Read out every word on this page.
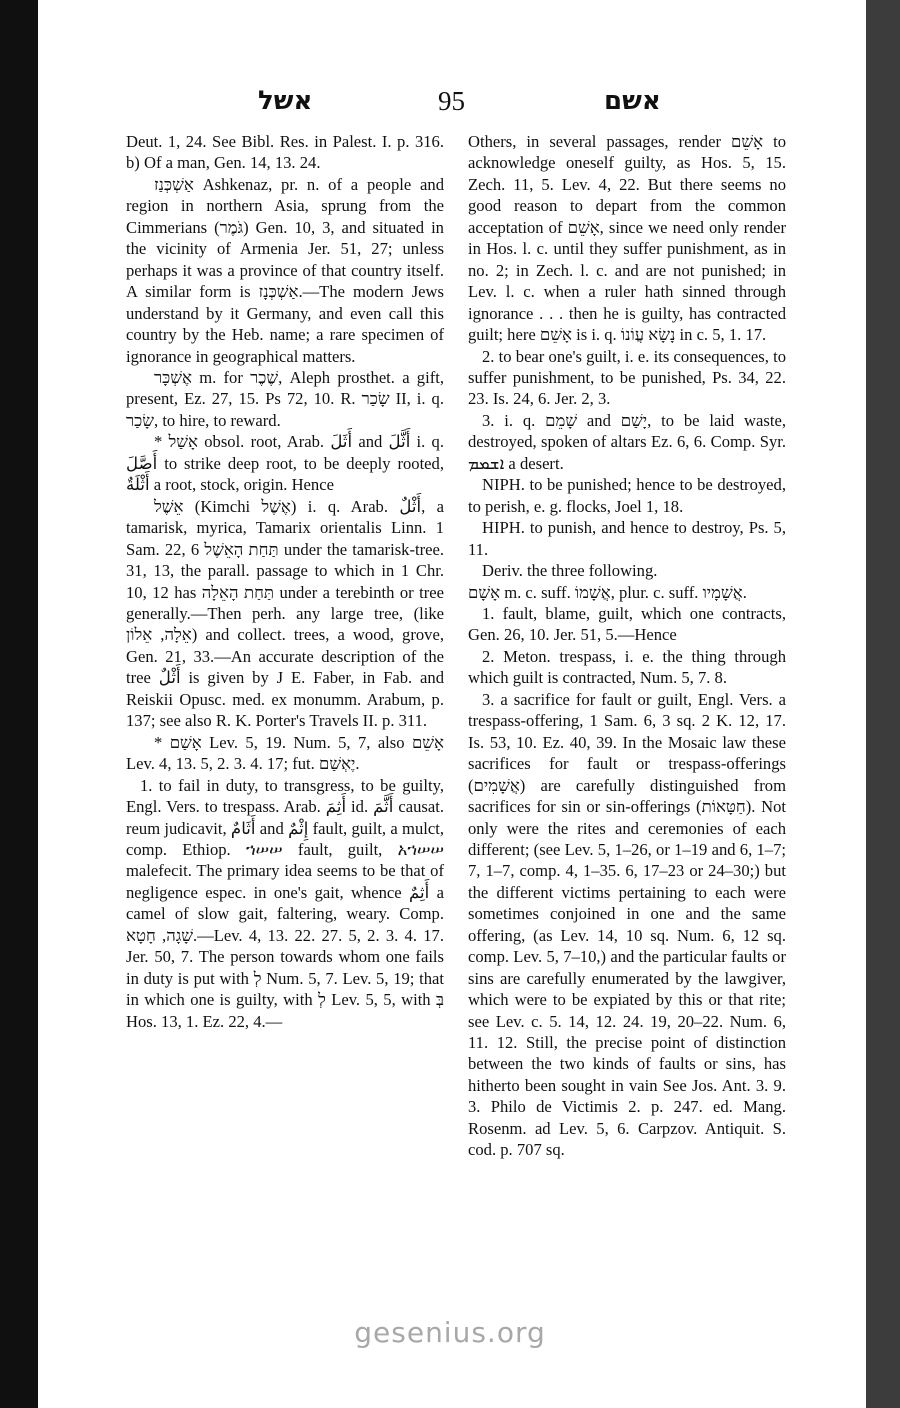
אשל	95	אשם

Deut. 1, 24. See Bibl. Res. in Palest. I. p. 316. b) Of a man, Gen. 14, 13. 24.

אַשְׁכְּנַז Ashkenaz, pr. n. of a people and region in northern Asia, sprung from the Cimmerians (גֹּמֶר) Gen. 10, 3, and situated in the vicinity of Armenia Jer. 51, 27; unless perhaps it was a province of that country itself. A similar form is אַשְׁכְּנָז.—The modern Jews understand by it Germany, and even call this country by the Heb. name; a rare specimen of ignorance in geographical matters.

אֶשְׁכָּר m. for שֶׁכֶר, Aleph prosthet. a gift, present, Ez. 27, 15. Ps 72, 10. R. שָׂכַר II, i. q. שָׂכַר, to hire, to reward.

* אָשַׁל obsol. root, Arab. أَثَلَ and أَثَّلَ i. q. أَصَّلَ to strike deep root, to be deeply rooted, أَثْلَةٌ a root, stock, origin. Hence

אֵשֶׁל (Kimchi אֶשֶׁל) i. q. Arab. أَثْلٌ, a tamarisk, myrica, Tamarix orientalis Linn. 1 Sam. 22, 6 תַּחַת הָאֵשֶׁל under the tamarisk-tree. 31, 13, the parall. passage to which in 1 Chr. 10, 12 has תַּחַת הָאֵלָה under a terebinth or tree generally.—Then perh. any large tree, (like אֵלָה, אֵלוֹן) and collect. trees, a wood, grove, Gen. 21, 33.—An accurate description of the tree أَثْلٌ is given by J E. Faber, in Fab. and Reiskii Opusc. med. ex monumm. Arabum, p. 137; see also R. K. Porter's Travels II. p. 311.

* אָשַׁם Lev. 5, 19. Num. 5, 7, also אָשֵׁם Lev. 4, 13. 5, 2. 3. 4. 17; fut. יֶאְשַׁם.

1. to fail in duty, to transgress, to be guilty, Engl. Vers. to trespass. Arab. أَثِمَ id. أَثَّمَ causat. reum judicavit, أَثَامٌ and إِثْمٌ fault, guilt, a mulct, comp. Ethiop. ኀሠሠ fault, guilt, አኀሠሠ malefecit. The primary idea seems to be that of negligence espec. in one's gait, whence أَثِمٌ a camel of slow gait, faltering, weary. Comp. שָׁגָה, חָטָא.—Lev. 4, 13. 22. 27. 5, 2. 3. 4. 17. Jer. 50, 7. The person towards whom one fails in duty is put with לְ Num. 5, 7. Lev. 5, 19; that in which one is guilty, with לְ Lev. 5, 5, with בְּ Hos. 13, 1. Ez. 22, 4.—

Others, in several passages, render אָשֵׁם to acknowledge oneself guilty, as Hos. 5, 15. Zech. 11, 5. Lev. 4, 22. But there seems no good reason to depart from the common acceptation of אָשֵׁם, since we need only render in Hos. l. c. until they suffer punishment, as in no. 2; in Zech. l. c. and are not punished; in Lev. l. c. when a ruler hath sinned through ignorance . . . then he is guilty, has contracted guilt; here אָשֵׁם is i. q. נָשָׂא עֲוֹנוֹ in c. 5, 1. 17.

2. to bear one's guilt, i. e. its consequences, to suffer punishment, to be punished, Ps. 34, 22. 23. Is. 24, 6. Jer. 2, 3.

3. i. q. שָׁמֵם and יָשַׁם, to be laid waste, destroyed, spoken of altars Ez. 6, 6. Comp. Syr. ܐܫܡܡ a desert.

NIPH. to be punished; hence to be destroyed, to perish, e. g. flocks, Joel 1, 18.

HIPH. to punish, and hence to destroy, Ps. 5, 11.

Deriv. the three following.

אָשָׁם m. c. suff. אֲשָׁמוֹ, plur. c. suff. אֲשָׁמָיו.

1. fault, blame, guilt, which one contracts, Gen. 26, 10. Jer. 51, 5.—Hence

2. Meton. trespass, i. e. the thing through which guilt is contracted, Num. 5, 7. 8.

3. a sacrifice for fault or guilt, Engl. Vers. a trespass-offering, 1 Sam. 6, 3 sq. 2 K. 12, 17. Is. 53, 10. Ez. 40, 39. In the Mosaic law these sacrifices for fault or trespass-offerings (אֲשָׁמִים) are carefully distinguished from sacrifices for sin or sin-offerings (חַטָּאוֹת). Not only were the rites and ceremonies of each different; (see Lev. 5, 1–26, or 1–19 and 6, 1–7; 7, 1–7, comp. 4, 1–35. 6, 17–23 or 24–30;) but the different victims pertaining to each were sometimes conjoined in one and the same offering, (as Lev. 14, 10 sq. Num. 6, 12 sq. comp. Lev. 5, 7–10,) and the particular faults or sins are carefully enumerated by the lawgiver, which were to be expiated by this or that rite; see Lev. c. 5. 14, 12. 24. 19, 20–22. Num. 6, 11. 12. Still, the precise point of distinction between the two kinds of faults or sins, has hitherto been sought in vain See Jos. Ant. 3. 9. 3. Philo de Victimis 2. p. 247. ed. Mang. Rosenm. ad Lev. 5, 6. Carpzov. Antiquit. S. cod. p. 707 sq.

gesenius.org
